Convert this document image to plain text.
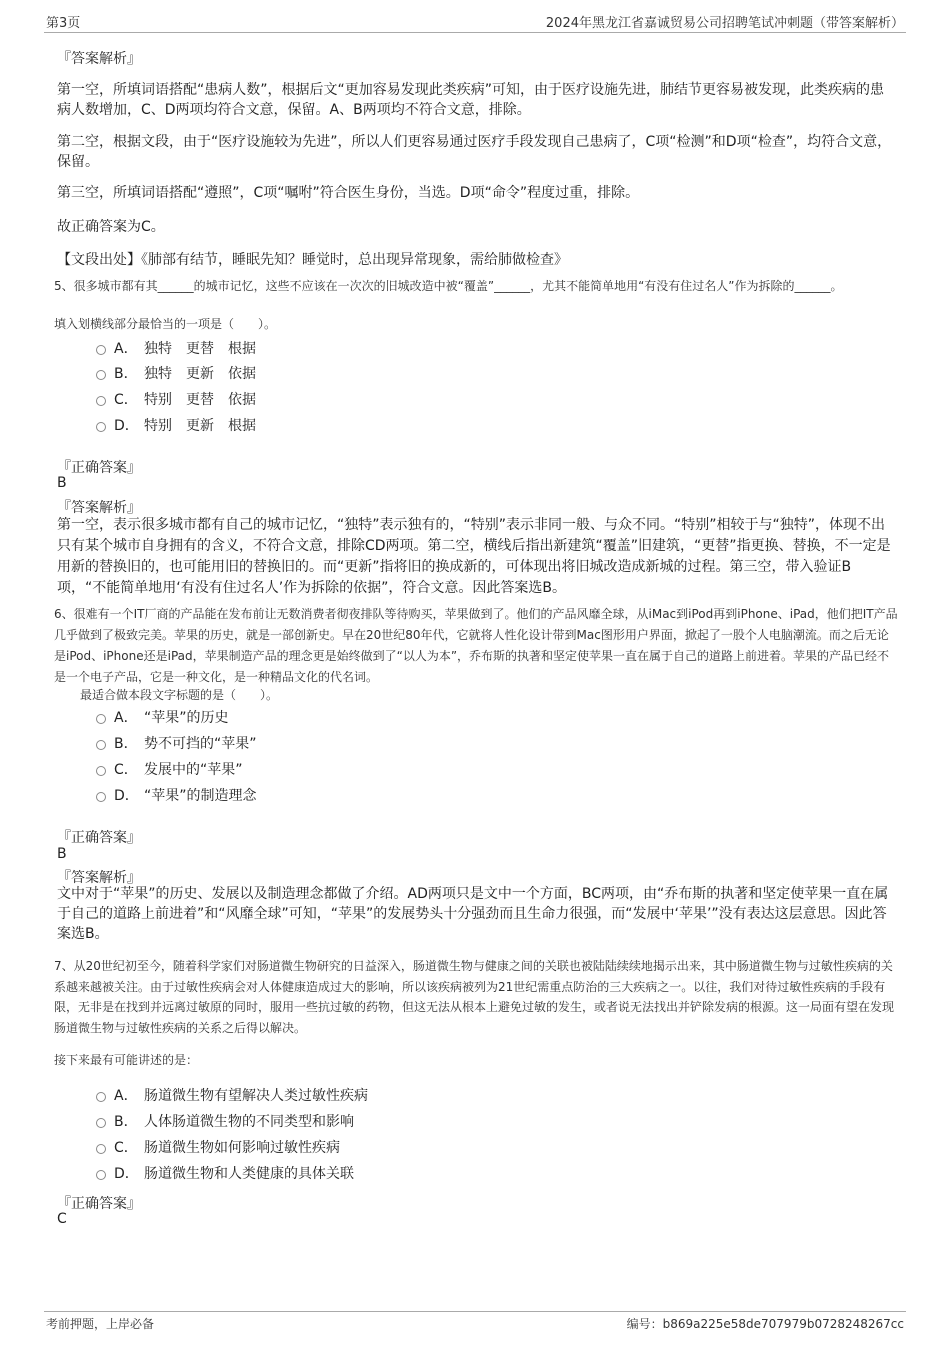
第3页	2024年黑龙江省嘉诚贸易公司招聘笔试冲刺题（带答案解析）
『答案解析』
第一空，所填词语搭配“患病人数”，根据后文“更加容易发现此类疾病”可知，由于医疗设施先进，肺结节更容易被发现，此类疾病的患病人数增加，C、D两项均符合文意，保留。A、B两项均不符合文意，排除。
第二空，根据文段，由于“医疗设施较为先进”，所以人们更容易通过医疗手段发现自己患病了，C项“检测”和D项“检查”，均符合文意，保留。
第三空，所填词语搭配“遵照”，C项“嘱咐”符合医生身份，当选。D项“命令”程度过重，排除。
故正确答案为C。
【文段出处】《肺部有结节，睡眠先知？睡觉时，总出现异常现象，需给肺做检查》
5、很多城市都有其______的城市记忆，这些不应该在一次次的旧城改造中被“覆盖”______，尤其不能简单地用“有没有住过名人”作为拆除的______。
填入划横线部分最恰当的一项是（　　）。
A． 独特　更替　根据
B． 独特　更新　依据
C． 特别　更替　依据
D． 特别　更新　根据
『正确答案』
B
『答案解析』
第一空，表示很多城市都有自己的城市记忆，“独特”表示独有的，“特别”表示非同一般、与众不同。“特别”相较于与“独特”，体现不出只有某个城市自身拥有的含义，不符合文意，排除CD两项。第二空，横线后指出新建筑“覆盖”旧建筑，“更替”指更换、替换，不一定是用新的替换旧的，也可能用旧的替换旧的。而“更新”指将旧的换成新的，可体现出将旧城改造成新城的过程。第三空，带入验证B项，“不能简单地用‘有没有住过名人’作为拆除的依据”，符合文意。因此答案选B。
6、很难有一个IT厂商的产品能在发布前让无数消费者彻夜排队等待购买，苹果做到了。他们的产品风靡全球，从iMac到iPod再到iPhone、iPad，他们把IT产品几乎做到了极致完美。苹果的历史，就是一部创新史。早在20世纪80年代，它就将人性化设计带到Mac图形用户界面，掀起了一股个人电脑潮流。而之后无论是iPod、iPhone还是iPad，苹果制造产品的理念更是始终做到了“以人为本”，乔布斯的执著和坚定使苹果一直在属于自己的道路上前进着。苹果的产品已经不是一个电子产品，它是一种文化，是一种精品文化的代名词。
最适合做本段文字标题的是（　　）。
A． “苹果”的历史
B． 势不可挡的“苹果”
C． 发展中的“苹果”
D． “苹果”的制造理念
『正确答案』
B
『答案解析』
文中对于“苹果”的历史、发展以及制造理念都做了介绍。AD两项只是文中一个方面，BC两项，由“乔布斯的执著和坚定使苹果一直在属于自己的道路上前进着”和“风靡全球”可知，“苹果”的发展势头十分强劲而且生命力很强，而“发展中‘苹果’”没有表达这层意思。因此答案选B。
7、从20世纪初至今，随着科学家们对肠道微生物研究的日益深入，肠道微生物与健康之间的关联也被陆陆续续地揭示出来，其中肠道微生物与过敏性疾病的关系越来越被关注。由于过敏性疾病会对人体健康造成过大的影响，所以该疾病被列为21世纪需重点防治的三大疾病之一。以往，我们对待过敏性疾病的手段有限，无非是在找到并远离过敏原的同时，服用一些抗过敏的药物，但这无法从根本上避免过敏的发生，或者说无法找出并铲除发病的根源。这一局面有望在发现肠道微生物与过敏性疾病的关系之后得以解决。
接下来最有可能讲述的是：
A． 肠道微生物有望解决人类过敏性疾病
B． 人体肠道微生物的不同类型和影响
C． 肠道微生物如何影响过敏性疾病
D． 肠道微生物和人类健康的具体关联
『正确答案』
C
考前押题，上岸必备	编号：b869a225e58de707979b0728248267cc
